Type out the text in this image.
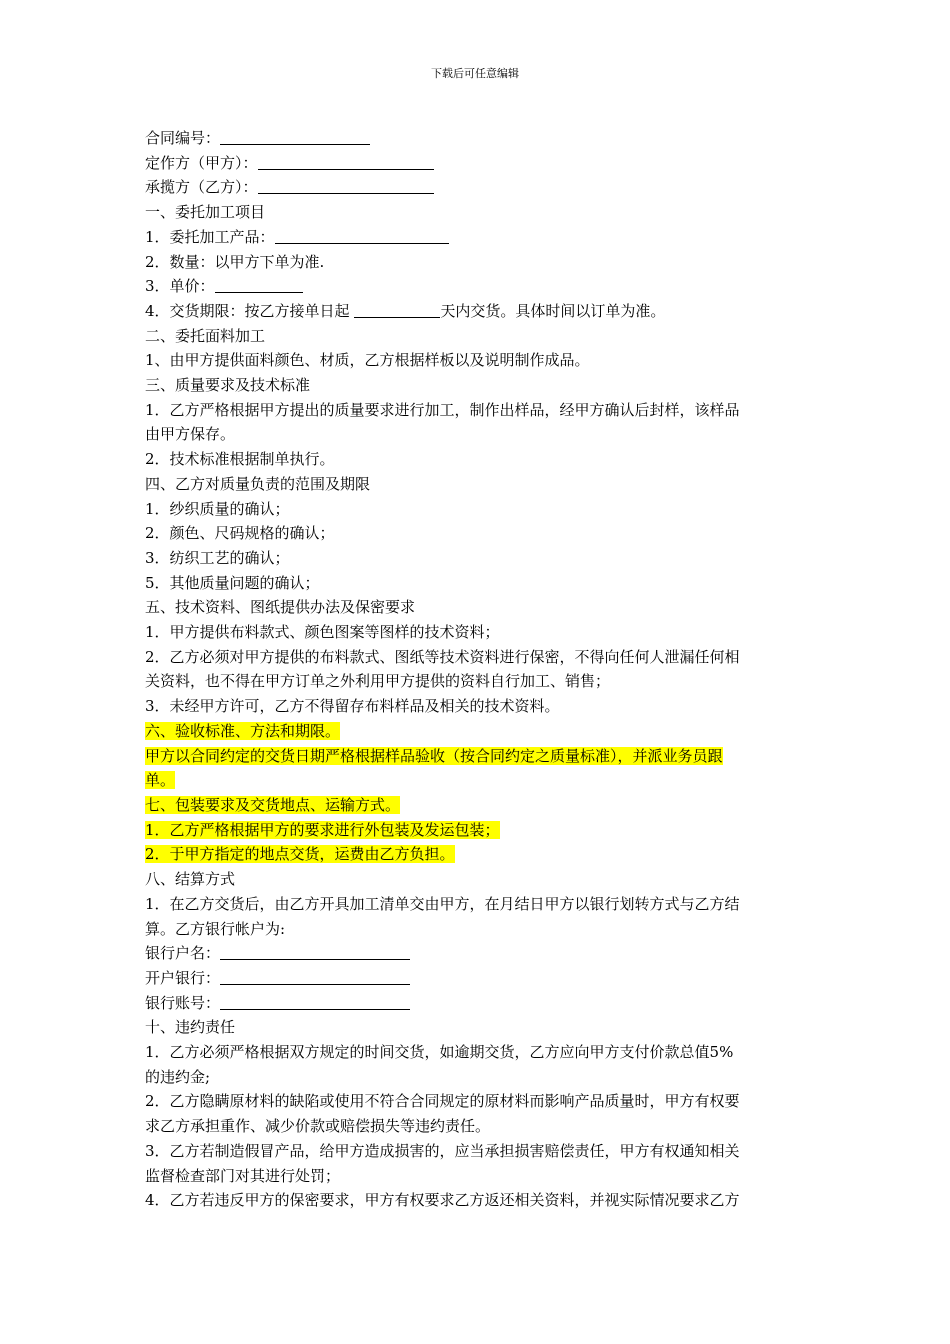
下载后可任意编辑

合同编号：

定作方（甲方）：

承揽方（乙方）：

一、委托加工项目

1．委托加工产品：

2．数量：以甲方下单为准.

3．单价：

4．交货期限：按乙方接单日起	天内交货。具体时间以订单为准。

二、委托面料加工

1、由甲方提供面料颜色、材质，乙方根据样板以及说明制作成品。

三、质量要求及技术标准

1．乙方严格根据甲方提出的质量要求进行加工，制作出样品，经甲方确认后封样，该样品

由甲方保存。

2．技术标准根据制单执行。

四、乙方对质量负责的范围及期限

1．纱织质量的确认；

2．颜色、尺码规格的确认；

3．纺织工艺的确认；

5．其他质量问题的确认；

五、技术资料、图纸提供办法及保密要求

1．甲方提供布料款式、颜色图案等图样的技术资料；

2．乙方必须对甲方提供的布料款式、图纸等技术资料进行保密，不得向任何人泄漏任何相

关资料，也不得在甲方订单之外利用甲方提供的资料自行加工、销售；

3．未经甲方许可，乙方不得留存布料样品及相关的技术资料。

六、验收标准、方法和期限。

甲方以合同约定的交货日期严格根据样品验收（按合同约定之质量标准），并派业务员跟

单。

七、包装要求及交货地点、运输方式。

1．乙方严格根据甲方的要求进行外包装及发运包装；

2．于甲方指定的地点交货，运费由乙方负担。

八、结算方式

1．在乙方交货后，由乙方开具加工清单交由甲方，在月结日甲方以银行划转方式与乙方结

算。乙方银行帐户为:

银行户名：

开户银行：

银行账号：

十、违约责任

1．乙方必须严格根据双方规定的时间交货，如逾期交货，乙方应向甲方支付价款总值5%

的违约金;

2．乙方隐瞒原材料的缺陷或使用不符合合同规定的原材料而影响产品质量时，甲方有权要

求乙方承担重作、减少价款或赔偿损失等违约责任。

3．乙方若制造假冒产品，给甲方造成损害的，应当承担损害赔偿责任，甲方有权通知相关

监督检查部门对其进行处罚；

4．乙方若违反甲方的保密要求，甲方有权要求乙方返还相关资料，并视实际情况要求乙方
